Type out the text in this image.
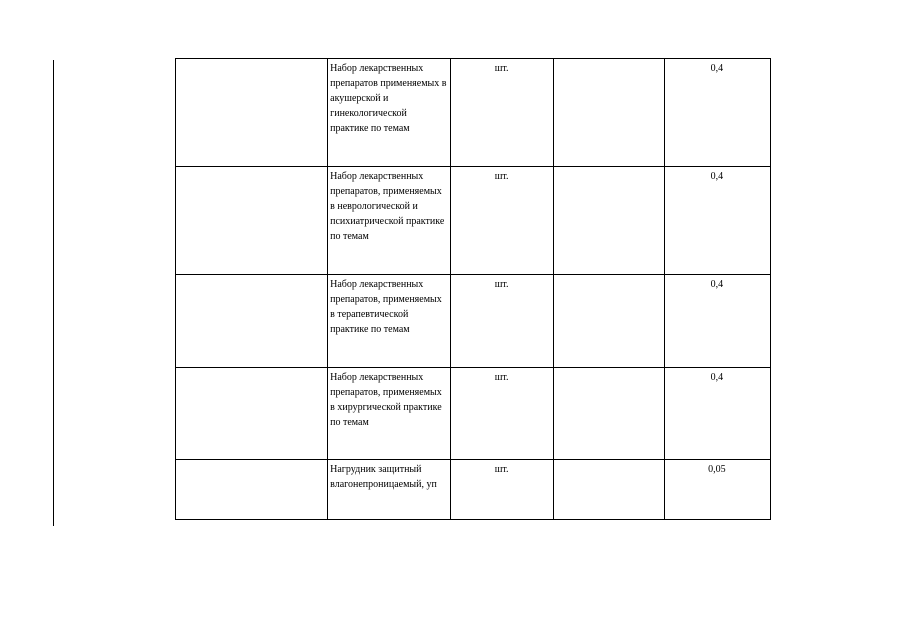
	Набор лекарственных препаратов применяемых в акушерской и гинекологической практике по темам	шт.		0,4
	Набор лекарственных препаратов, применяемых в неврологической и психиатрической практике по темам	шт.		0,4
	Набор лекарственных препаратов, применяемых в терапевтической практике по темам	шт.		0,4
	Набор лекарственных препаратов, применяемых в хирургической практике по темам	шт.		0,4
	Нагрудник защитный влагонепроницаемый, уп	шт.		0,05
